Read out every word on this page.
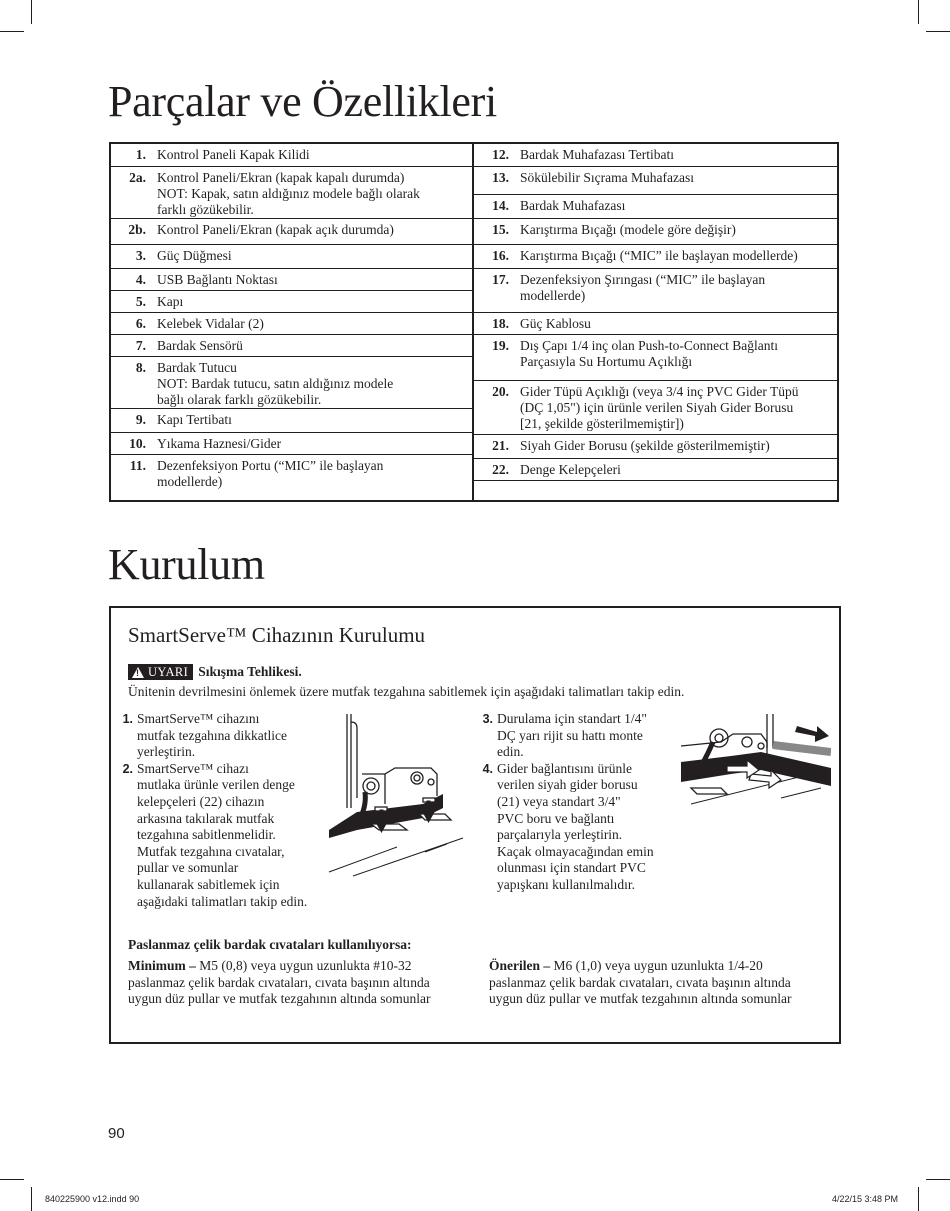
Parçalar ve Özellikleri
1. Kontrol Paneli Kapak Kilidi
2a. Kontrol Paneli/Ekran (kapak kapalı durumda)
NOT: Kapak, satın aldığınız modele bağlı olarak
farklı gözükebilir.
2b. Kontrol Paneli/Ekran (kapak açık durumda)
3. Güç Düğmesi
4. USB Bağlantı Noktası
5. Kapı
6. Kelebek Vidalar (2)
7. Bardak Sensörü
8. Bardak Tutucu
NOT: Bardak tutucu, satın aldığınız modele
bağlı olarak farklı gözükebilir.
9. Kapı Tertibatı
10. Yıkama Haznesi/Gider
11. Dezenfeksiyon Portu (“MIC” ile başlayan
modellerde)
12. Bardak Muhafazası Tertibatı
13. Sökülebilir Sıçrama Muhafazası
14. Bardak Muhafazası
15. Karıştırma Bıçağı (modele göre değişir)
16. Karıştırma Bıçağı (“MIC” ile başlayan modellerde)
17. Dezenfeksiyon Şırıngası (“MIC” ile başlayan
modellerde)
18. Güç Kablosu
19. Dış Çapı 1/4 inç olan Push-to-Connect Bağlantı
Parçasıyla Su Hortumu Açıklığı
20. Gider Tüpü Açıklığı (veya 3/4 inç PVC Gider Tüpü
(DÇ 1,05") için ürünle verilen Siyah Gider Borusu
[21, şekilde gösterilmemiştir])
21. Siyah Gider Borusu (şekilde gösterilmemiştir)
22. Denge Kelepçeleri
Kurulum
SmartServe™ Cihazının Kurulumu
! UYARI Sıkışma Tehlikesi.
Ünitenin devrilmesini önlemek üzere mutfak tezgahına sabitlemek için aşağıdaki talimatları takip edin.
1. SmartServe™ cihazını
mutfak tezgahına dikkatlice
yerleştirin.
2. SmartServe™ cihazı
mutlaka ürünle verilen denge
kelepçeleri (22) cihazın
arkasına takılarak mutfak
tezgahına sabitlenmelidir.
Mutfak tezgahına cıvatalar,
pullar ve somunlar
kullanarak sabitlemek için
aşağıdaki talimatları takip edin.
3. Durulama için standart 1/4"
DÇ yarı rijit su hattı monte
edin.
4. Gider bağlantısını ürünle
verilen siyah gider borusu
(21) veya standart 3/4"
PVC boru ve bağlantı
parçalarıyla yerleştirin.
Kaçak olmayacağından emin
olunması için standart PVC
yapışkanı kullanılmalıdır.
Paslanmaz çelik bardak cıvataları kullanılıyorsa:
Minimum – M5 (0,8) veya uygun uzunlukta #10-32
paslanmaz çelik bardak cıvataları, cıvata başının altında
uygun düz pullar ve mutfak tezgahının altında somunlar
Önerilen – M6 (1,0) veya uygun uzunlukta 1/4-20
paslanmaz çelik bardak cıvataları, cıvata başının altında
uygun düz pullar ve mutfak tezgahının altında somunlar
90
840225900 v12.indd 90	4/22/15 3:48 PM
